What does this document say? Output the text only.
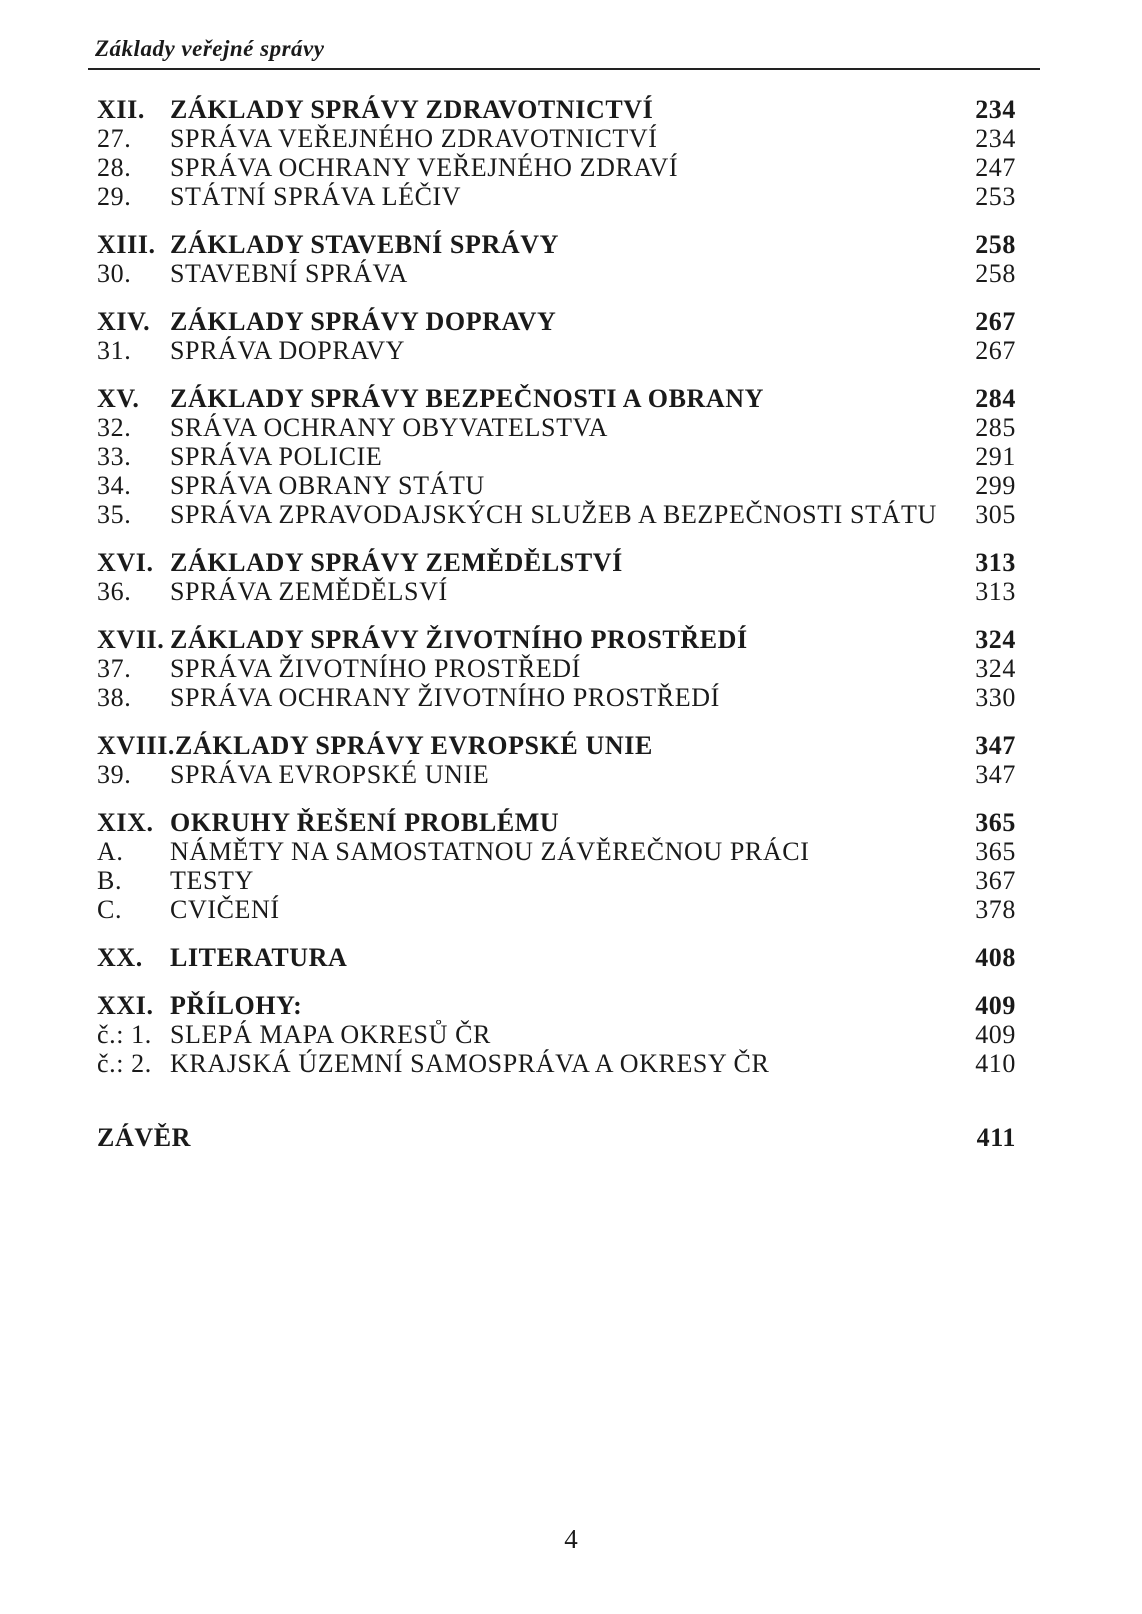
Základy veřejné správy
XII. ZÁKLADY SPRÁVY ZDRAVOTNICTVÍ	234
27.	SPRÁVA VEŘEJNÉHO ZDRAVOTNICTVÍ	234
28.	SPRÁVA OCHRANY VEŘEJNÉHO ZDRAVÍ	247
29.	STÁTNÍ SPRÁVA LÉČIV	253
XIII. ZÁKLADY STAVEBNÍ SPRÁVY	258
30.	STAVEBNÍ SPRÁVA	258
XIV. ZÁKLADY SPRÁVY DOPRAVY	267
31.	SPRÁVA DOPRAVY	267
XV.	ZÁKLADY SPRÁVY BEZPEČNOSTI A OBRANY	284
32.	SRÁVA OCHRANY OBYVATELSTVA	285
33.	SPRÁVA POLICIE	291
34.	SPRÁVA OBRANY STÁTU	299
35.	SPRÁVA ZPRAVODAJSKÝCH SLUŽEB A BEZPEČNOSTI STÁTU	305
XVI. ZÁKLADY SPRÁVY ZEMĚDĚLSTVÍ	313
36.	SPRÁVA ZEMĚDĚLSVÍ	313
XVII. ZÁKLADY SPRÁVY ŽIVOTNÍHO PROSTŘEDÍ	324
37.	SPRÁVA ŽIVOTNÍHO PROSTŘEDÍ	324
38.	SPRÁVA OCHRANY ŽIVOTNÍHO PROSTŘEDÍ	330
XVIII. ZÁKLADY SPRÁVY EVROPSKÉ UNIE	347
39.	SPRÁVA EVROPSKÉ UNIE	347
XIX. OKRUHY ŘEŠENÍ PROBLÉMU	365
A.	NÁMĚTY NA SAMOSTATNOU ZÁVĚREČNOU PRÁCI	365
B.	TESTY	367
C.	CVIČENÍ	378
XX.	LITERATURA	408
XXI. PŘÍLOHY:	409
č.: 1. SLEPÁ MAPA OKRESŮ ČR	409
č.: 2. KRAJSKÁ ÚZEMNÍ SAMOSPRÁVA A OKRESY ČR	410
ZÁVĚR	411
4
